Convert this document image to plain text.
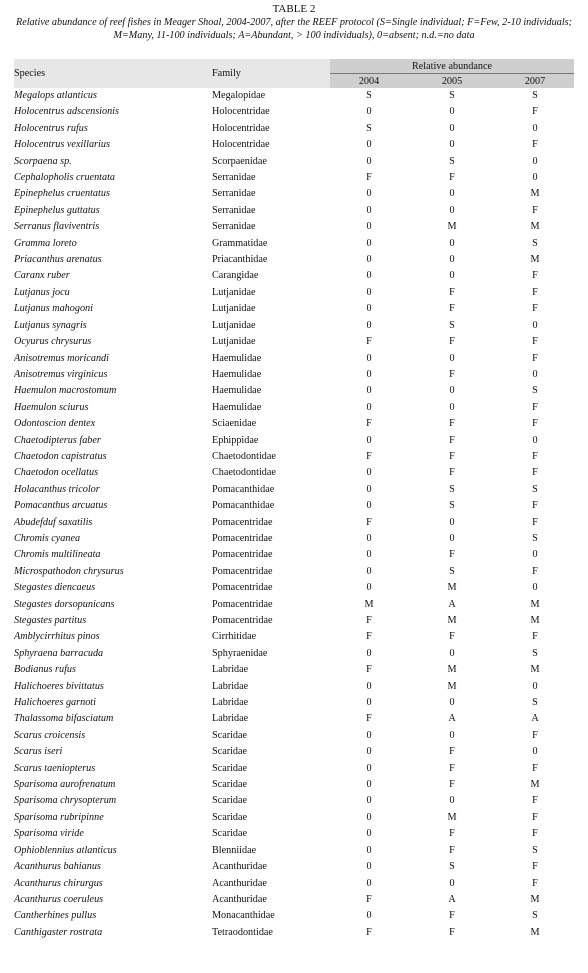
TABLE 2
Relative abundance of reef fishes in Meager Shoal, 2004-2007, after the REEF protocol (S=Single individual; F=Few, 2-10 individuals; M=Many, 11-100 individuals; A=Abundant, > 100 individuals), 0=absent; n.d.=no data
Species	Family	Relative abundance		
		2004	2005	2007
Megalops atlanticus	Megalopidae	S	S	S
Holocentrus adscensionis	Holocentridae	0	0	F
Holocentrus rufus	Holocentridae	S	0	0
Holocentrus vexillarius	Holocentridae	0	0	F
Scorpaena sp.	Scorpaenidae	0	S	0
Cephalopholis cruentata	Serranidae	F	F	0
Epinephelus cruentatus	Serranidae	0	0	M
Epinephelus guttatus	Serranidae	0	0	F
Serranus flaviventris	Serranidae	0	M	M
Gramma loreto	Grammatidae	0	0	S
Priacanthus arenatus	Priacanthidae	0	0	M
Caranx ruber	Carangidae	0	0	F
Lutjanus jocu	Lutjanidae	0	F	F
Lutjanus mahogoni	Lutjanidae	0	F	F
Lutjanus synagris	Lutjanidae	0	S	0
Ocyurus chrysurus	Lutjanidae	F	F	F
Anisotremus moricandi	Haemulidae	0	0	F
Anisotremus virginicus	Haemulidae	0	F	0
Haemulon macrostomum	Haemulidae	0	0	S
Haemulon sciurus	Haemulidae	0	0	F
Odontoscion dentex	Sciaenidae	F	F	F
Chaetodipterus faber	Ephippidae	0	F	0
Chaetodon capistratus	Chaetodontidae	F	F	F
Chaetodon ocellatus	Chaetodontidae	0	F	F
Holacanthus tricolor	Pomacanthidae	0	S	S
Pomacanthus arcuatus	Pomacanthidae	0	S	F
Abudefduf saxatilis	Pomacentridae	F	0	F
Chromis cyanea	Pomacentridae	0	0	S
Chromis multilineata	Pomacentridae	0	F	0
Microspathodon chrysurus	Pomacentridae	0	S	F
Stegastes diencaeus	Pomacentridae	0	M	0
Stegastes dorsopunicans	Pomacentridae	M	A	M
Stegastes partitus	Pomacentridae	F	M	M
Amblycirrhitus pinos	Cirrhitidae	F	F	F
Sphyraena barracuda	Sphyraenidae	0	0	S
Bodianus rufus	Labridae	F	M	M
Halichoeres bivittatus	Labridae	0	M	0
Halichoeres garnoti	Labridae	0	0	S
Thalassoma bifasciatum	Labridae	F	A	A
Scarus croicensis	Scaridae	0	0	F
Scarus iseri	Scaridae	0	F	0
Scarus taeniopterus	Scaridae	0	F	F
Sparisoma aurofrenatum	Scaridae	0	F	M
Sparisoma chrysopterum	Scaridae	0	0	F
Sparisoma rubripinne	Scaridae	0	M	F
Sparisoma viride	Scaridae	0	F	F
Ophioblennius atlanticus	Blenniidae	0	F	S
Acanthurus bahianus	Acanthuridae	0	S	F
Acanthurus chirurgus	Acanthuridae	0	0	F
Acanthurus coeruleus	Acanthuridae	F	A	M
Cantherhines pullus	Monacanthidae	0	F	S
Canthigaster rostrata	Tetraodontidae	F	F	M
